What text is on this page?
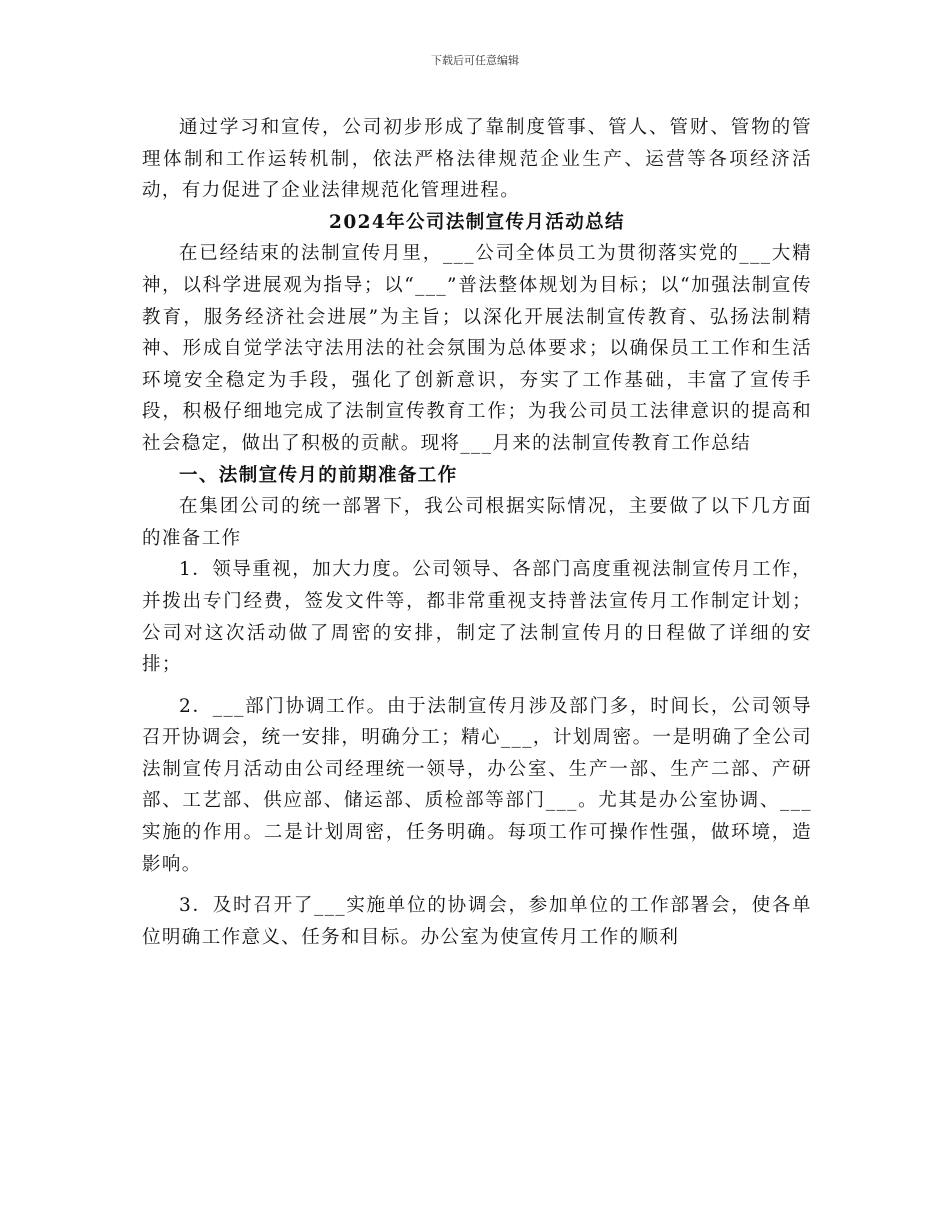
下载后可任意编辑

通过学习和宣传，公司初步形成了靠制度管事、管人、管财、管物的管理体制和工作运转机制，依法严格法律规范企业生产、运营等各项经济活动，有力促进了企业法律规范化管理进程。

2024年公司法制宣传月活动总结

在已经结束的法制宣传月里，___公司全体员工为贯彻落实党的___大精神，以科学进展观为指导；以“___”普法整体规划为目标；以“加强法制宣传教育，服务经济社会进展”为主旨；以深化开展法制宣传教育、弘扬法制精神、形成自觉学法守法用法的社会氛围为总体要求；以确保员工工作和生活环境安全稳定为手段，强化了创新意识，夯实了工作基础，丰富了宣传手段，积极仔细地完成了法制宣传教育工作；为我公司员工法律意识的提高和社会稳定，做出了积极的贡献。现将___月来的法制宣传教育工作总结

一、法制宣传月的前期准备工作

在集团公司的统一部署下，我公司根据实际情况，主要做了以下几方面的准备工作

1．领导重视，加大力度。公司领导、各部门高度重视法制宣传月工作，并拨出专门经费，签发文件等，都非常重视支持普法宣传月工作制定计划；公司对这次活动做了周密的安排，制定了法制宣传月的日程做了详细的安排；

2．___部门协调工作。由于法制宣传月涉及部门多，时间长，公司领导召开协调会，统一安排，明确分工；精心___，计划周密。一是明确了全公司法制宣传月活动由公司经理统一领导，办公室、生产一部、生产二部、产研部、工艺部、供应部、储运部、质检部等部门___。尤其是办公室协调、___实施的作用。二是计划周密，任务明确。每项工作可操作性强，做环境，造影响。

3．及时召开了___实施单位的协调会，参加单位的工作部署会，使各单位明确工作意义、任务和目标。办公室为使宣传月工作的顺利
